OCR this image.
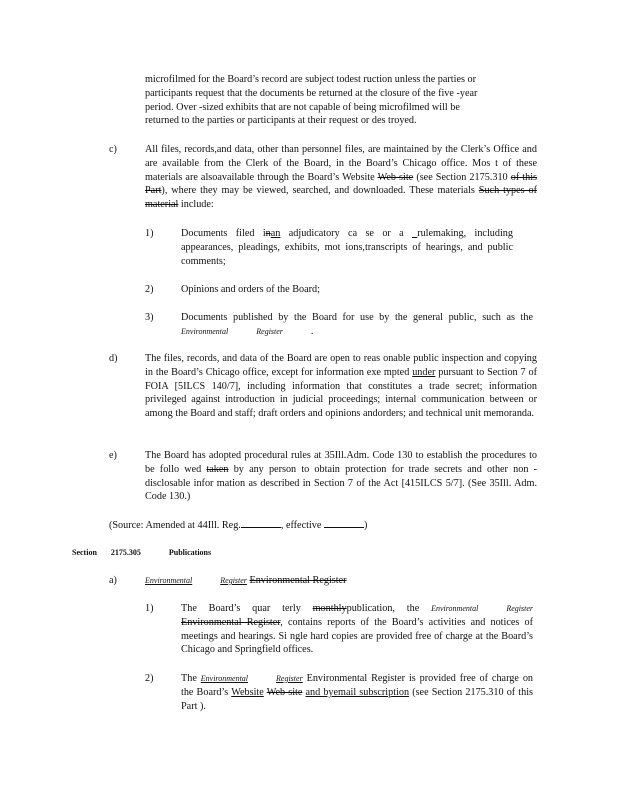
microfilmed for the Board’s record are subject todest ruction unless the parties or

participants request that the documents be returned at the closure of the five -year

period. Over -sized exhibits that are not capable of being microfilmed will be

returned to the parties or participants at their request or des troyed.

c)	All files, records,and data, other than personnel files, are maintained by the Clerk’s Office and are available from the Clerk of the Board, in the Board’s Chicago office. Mos t of these materials are alsoavailable through the Board’s Website Web site (see Section 2175.310 of this Part), where they may be viewed, searched, and downloaded. These materials Such types of material include:
1)	Documents filed inan adjudicatory ca se or a _rulemaking, including appearances, pleadings, exhibits, mot ions,transcripts of hearings, and public comments;
2)	Opinions and orders of the Board;
3)	Documents published by the Board for use by the general public, such as the Environmental	Register	.
d)	The files, records, and data of the Board are open to reas onable public inspection and copying in the Board’s Chicago office, except for information exe mpted under pursuant to Section 7 of FOIA [5ILCS 140/7], including information that constitutes a trade secret; information privileged against introduction in judicial proceedings; internal communication between or among the Board and staff; draft orders and opinions andorders; and technical unit memoranda.
e)	The Board has adopted procedural rules at 35Ill.Adm. Code 130 to establish the procedures to be follo wed taken by any person to obtain protection for trade secrets and other non -disclosable infor mation as described in Section 7 of the Act [415ILCS 5/7]. (See 35Ill. Adm. Code 130.)
(Source: Amended at 44Ill. Reg.	, effective	)
Section 2175.305	Publications
a)	Environmental	Register Environmental Register
1)	The Board’s quar terly monthlypublication, the Environmental	Register Environmental Register, contains reports of the Board’s activities and notices of meetings and hearings. Si ngle hard copies are provided free of charge at the Board’s Chicago and Springfield offices.
2)	The Environmental	Register Environmental Register is provided free of charge on the Board’s Website Web site and byemail subscription (see Section 2175.310 of this Part ).
